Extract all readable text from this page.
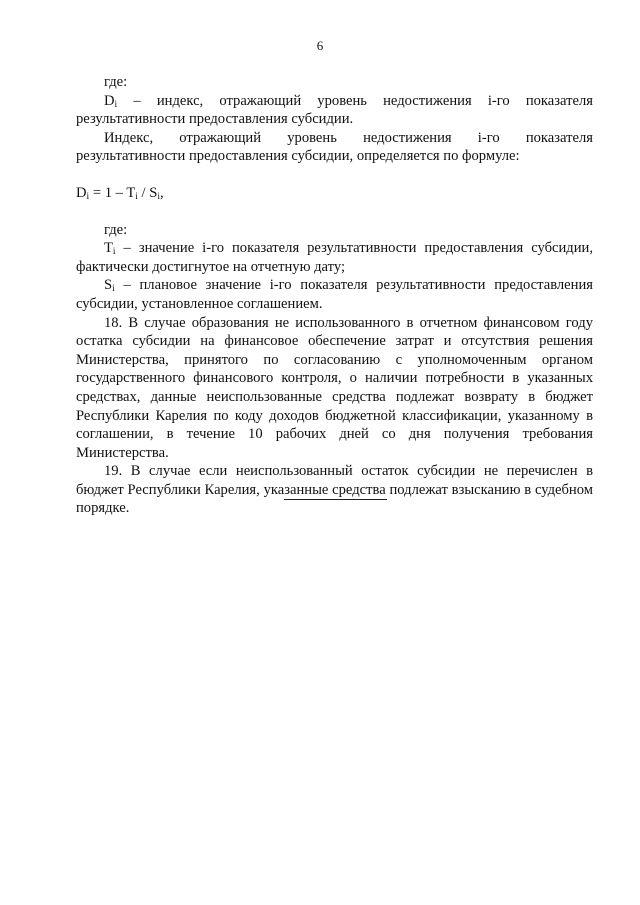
6

где:

$D_i$ – индекс, отражающий уровень недостижения i-го показателя результативности предоставления субсидии.

Индекс, отражающий уровень недостижения i-го показателя результативности предоставления субсидии, определяется по формуле:

$D_i = 1 - T_i / S_i$,

где:

$T_i$ – значение i-го показателя результативности предоставления субсидии, фактически достигнутое на отчетную дату;

$S_i$ – плановое значение i-го показателя результативности предоставления субсидии, установленное соглашением.

18. В случае образования не использованного в отчетном финансовом году остатка субсидии на финансовое обеспечение затрат и отсутствия решения Министерства, принятого по согласованию с уполномоченным органом государственного финансового контроля, о наличии потребности в указанных средствах, данные неиспользованные средства подлежат возврату в бюджет Республики Карелия по коду доходов бюджетной классификации, указанному в соглашении, в течение 10 рабочих дней со дня получения требования Министерства.

19. В случае если неиспользованный остаток субсидии не перечислен в бюджет Республики Карелия, указанные средства подлежат взысканию в судебном порядке.
